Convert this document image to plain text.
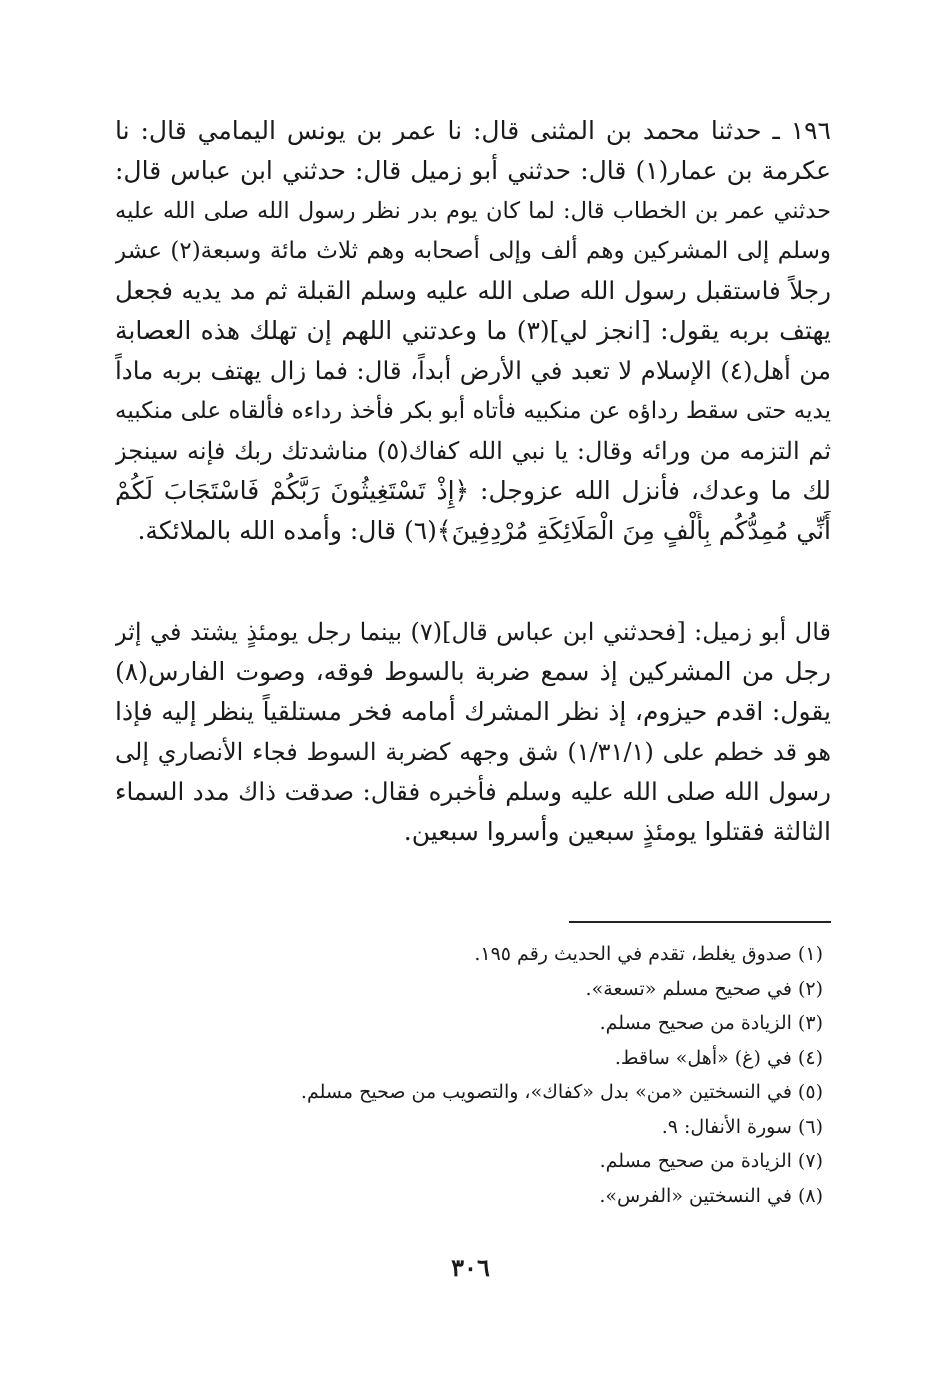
١٩٦ ـ حدثنا محمد بن المثنى قال: نا عمر بن يونس اليمامي قال: نا
عكرمة بن عمار(١) قال: حدثني أبو زميل قال: حدثني ابن عباس قال:
حدثني عمر بن الخطاب قال: لما كان يوم بدر نظر رسول الله صلى الله عليه
وسلم إلى المشركين وهم ألف وإلى أصحابه وهم ثلاث مائة وسبعة(٢) عشر
رجلاً فاستقبل رسول الله صلى الله عليه وسلم القبلة ثم مد يديه فجعل
يهتف بربه يقول: [انجز لي](٣) ما وعدتني اللهم إن تهلك هذه العصابة
من أهل(٤) الإسلام لا تعبد في الأرض أبداً، قال: فما زال يهتف بربه ماداً
يديه حتى سقط رداؤه عن منكبيه فأتاه أبو بكر فأخذ رداءه فألقاه على منكبيه
ثم التزمه من ورائه وقال: يا نبي الله كفاك(٥) مناشدتك ربك فإنه سينجز
لك ما وعدك، فأنزل الله عزوجل: ﴿إِذْ تَسْتَغِيثُونَ رَبَّكُمْ فَاسْتَجَابَ لَكُمْ
أَنِّي مُمِدُّكُم بِأَلْفٍ مِنَ الْمَلَائِكَةِ مُرْدِفِينَ﴾(٦) قال: وأمده الله بالملائكة.
قال أبو زميل: [فحدثني ابن عباس قال](٧) بينما رجل يومئذٍ يشتد في إثر
رجل من المشركين إذ سمع ضربة بالسوط فوقه، وصوت الفارس(٨)
يقول: اقدم حيزوم، إذ نظر المشرك أمامه فخر مستلقياً ينظر إليه فإذا
هو قد خطم على (١/٣١/١) شق وجهه كضربة السوط فجاء الأنصاري إلى
رسول الله صلى الله عليه وسلم فأخبره فقال: صدقت ذاك مدد السماء
الثالثة فقتلوا يومئذٍ سبعين وأسروا سبعين.
(١) صدوق يغلط، تقدم في الحديث رقم ١٩٥.
(٢) في صحيح مسلم «تسعة».
(٣) الزيادة من صحيح مسلم.
(٤) في (غ) «أهل» ساقط.
(٥) في النسختين «من» بدل «كفاك»، والتصويب من صحيح مسلم.
(٦) سورة الأنفال: ٩.
(٧) الزيادة من صحيح مسلم.
(٨) في النسختين «الفرس».
٣٠٦
